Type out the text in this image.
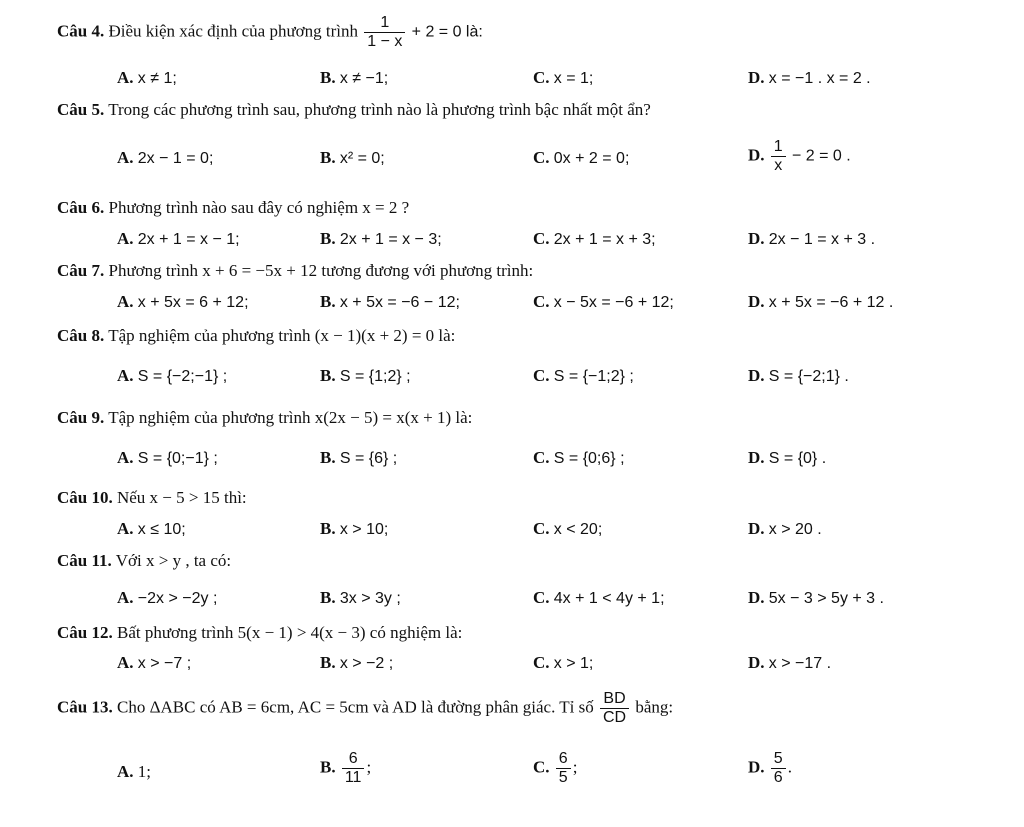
Câu 4. Điều kiện xác định của phương trình $\frac{1}{1 - x} + 2 = 0$ là:
A. x ≠ 1;	B. x ≠ −1;	C. x = 1;	D. x = −1 . x = 2 .
Câu 5. Trong các phương trình sau, phương trình nào là phương trình bậc nhất một ẩn?
A. 2x − 1 = 0;	B. x² = 0;	C. 0x + 2 = 0;	D. $\frac{1}{x} - 2 = 0$ .
Câu 6. Phương trình nào sau đây có nghiệm x = 2 ?
A. 2x + 1 = x − 1;	B. 2x + 1 = x − 3;	C. 2x + 1 = x + 3;	D. 2x − 1 = x + 3 .
Câu 7. Phương trình x + 6 = −5x + 12 tương đương với phương trình:
A. x + 5x = 6 + 12;	B. x + 5x = −6 − 12;	C. x − 5x = −6 + 12;	D. x + 5x = −6 + 12 .
Câu 8. Tập nghiệm của phương trình (x − 1)(x + 2) = 0 là:
A. S = {−2;−1} ;	B. S = {1;2} ;	C. S = {−1;2} ;	D. S = {−2;1} .
Câu 9. Tập nghiệm của phương trình x(2x − 5) = x(x + 1) là:
A. S = {0;−1} ;	B. S = {6} ;	C. S = {0;6} ;	D. S = {0} .
Câu 10. Nếu x − 5 > 15 thì:
A. x ≤ 10;	B. x > 10;	C. x < 20;	D. x > 20 .
Câu 11. Với x > y , ta có:
A. −2x > −2y ;	B. 3x > 3y ;	C. 4x + 1 < 4y + 1;	D. 5x − 3 > 5y + 3 .
Câu 12. Bất phương trình 5(x − 1) > 4(x − 3) có nghiệm là:
A. x > −7 ;	B. x > −2 ;	C. x > 1;	D. x > −17 .
Câu 13. Cho ΔABC có AB = 6cm, AC = 5cm và AD là đường phân giác. Tỉ số $\frac{BD}{CD}$ bằng:
A. 1;	B. $\frac{6}{11}$ ;	C. $\frac{6}{5}$ ;	D. $\frac{5}{6}$ .
